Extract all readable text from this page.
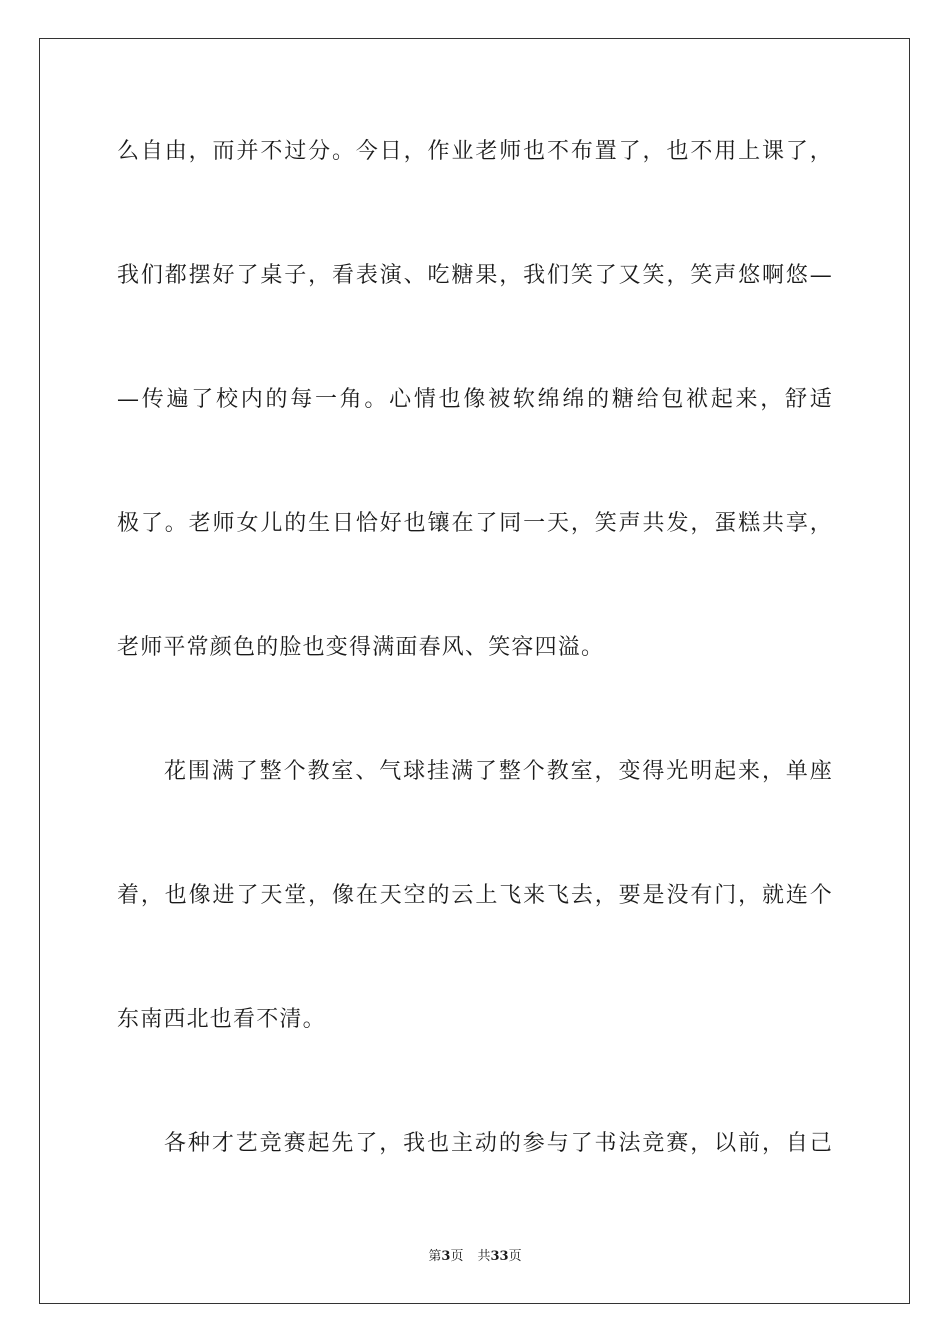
么自由，而并不过分。今日，作业老师也不布置了，也不用上课了，
我们都摆好了桌子，看表演、吃糖果，我们笑了又笑，笑声悠啊悠—
—传遍了校内的每一角。心情也像被软绵绵的糖给包袱起来，舒适
极了。老师女儿的生日恰好也镶在了同一天，笑声共发，蛋糕共享，
老师平常颜色的脸也变得满面春风、笑容四溢。
花围满了整个教室、气球挂满了整个教室，变得光明起来，单座
着，也像进了天堂，像在天空的云上飞来飞去，要是没有门，就连个
东南西北也看不清。
各种才艺竞赛起先了，我也主动的参与了书法竞赛，以前，自己
第3页 共33页
